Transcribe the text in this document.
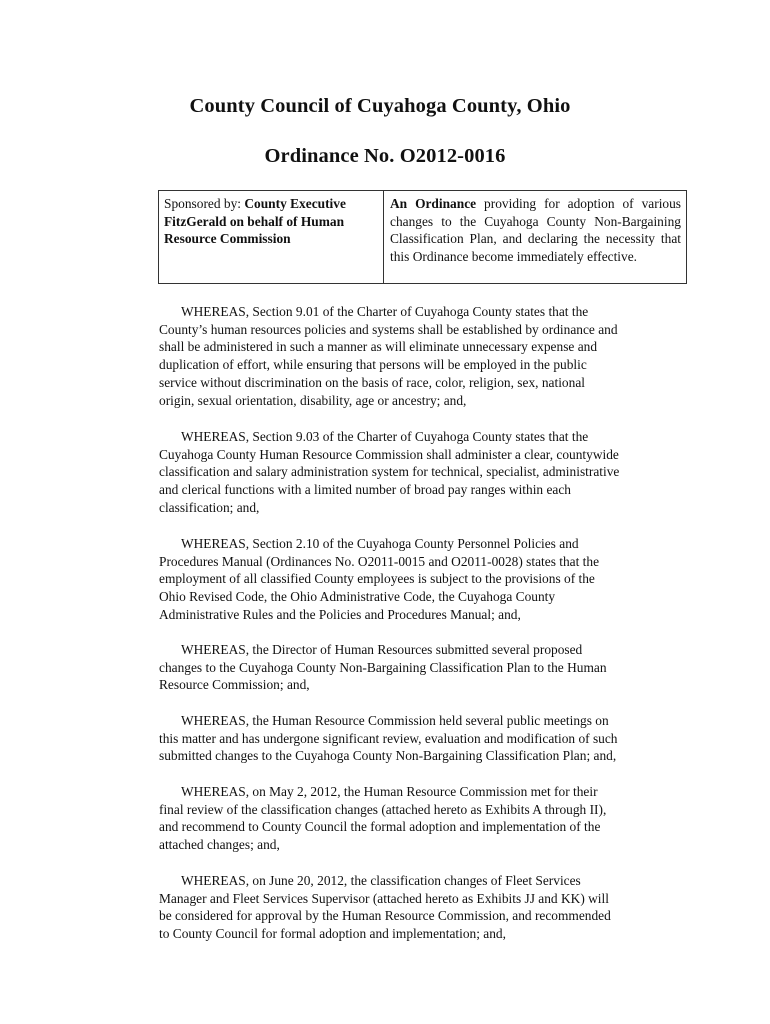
County Council of Cuyahoga County, Ohio
Ordinance No. O2012-0016
Sponsored by: County Executive
FitzGerald on behalf of Human
Resource Commission
An Ordinance providing for adoption of various changes to the Cuyahoga County Non-Bargaining Classification Plan, and declaring the necessity that this Ordinance become immediately effective.

WHEREAS, Section 9.01 of the Charter of Cuyahoga County states that the
County’s human resources policies and systems shall be established by ordinance and
shall be administered in such a manner as will eliminate unnecessary expense and
duplication of effort, while ensuring that persons will be employed in the public
service without discrimination on the basis of race, color, religion, sex, national
origin, sexual orientation, disability, age or ancestry; and,

WHEREAS, Section 9.03 of the Charter of Cuyahoga County states that the
Cuyahoga County Human Resource Commission shall administer a clear, countywide
classification and salary administration system for technical, specialist, administrative
and clerical functions with a limited number of broad pay ranges within each
classification; and,

WHEREAS, Section 2.10 of the Cuyahoga County Personnel Policies and
Procedures Manual (Ordinances No. O2011-0015 and O2011-0028) states that the
employment of all classified County employees is subject to the provisions of the
Ohio Revised Code, the Ohio Administrative Code, the Cuyahoga County
Administrative Rules and the Policies and Procedures Manual; and,

WHEREAS, the Director of Human Resources submitted several proposed
changes to the Cuyahoga County Non-Bargaining Classification Plan to the Human
Resource Commission; and,

WHEREAS, the Human Resource Commission held several public meetings on
this matter and has undergone significant review, evaluation and modification of such
submitted changes to the Cuyahoga County Non-Bargaining Classification Plan; and,

WHEREAS, on May 2, 2012, the Human Resource Commission met for their
final review of the classification changes (attached hereto as Exhibits A through II),
and recommend to County Council the formal adoption and implementation of the
attached changes; and,

WHEREAS, on June 20, 2012, the classification changes of Fleet Services
Manager and Fleet Services Supervisor (attached hereto as Exhibits JJ and KK) will
be considered for approval by the Human Resource Commission, and recommended
to County Council for formal adoption and implementation; and,
